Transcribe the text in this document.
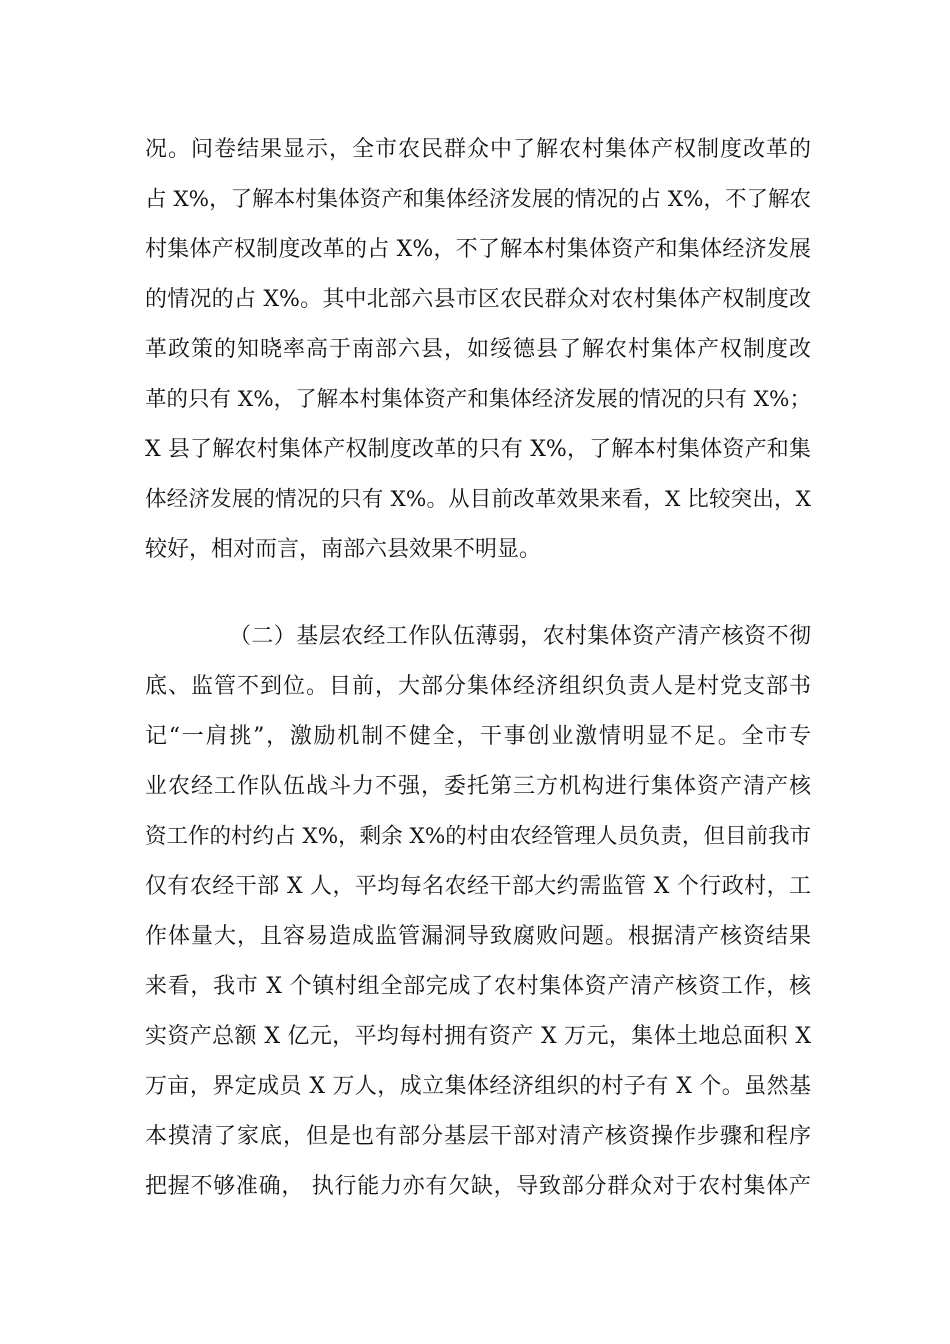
况。问卷结果显示，全市农民群众中了解农村集体产权制度改革的
占 X%，了解本村集体资产和集体经济发展的情况的占 X%，不了解农
村集体产权制度改革的占 X%，不了解本村集体资产和集体经济发展
的情况的占 X%。其中北部六县市区农民群众对农村集体产权制度改
革政策的知晓率高于南部六县，如绥德县了解农村集体产权制度改
革的只有 X%，了解本村集体资产和集体经济发展的情况的只有 X%；
X 县了解农村集体产权制度改革的只有 X%，了解本村集体资产和集
体经济发展的情况的只有 X%。从目前改革效果来看，X 比较突出，X
较好，相对而言，南部六县效果不明显。
（二）基层农经工作队伍薄弱，农村集体资产清产核资不彻
底、监管不到位。目前，大部分集体经济组织负责人是村党支部书
记“一肩挑”，激励机制不健全，干事创业激情明显不足。全市专
业农经工作队伍战斗力不强，委托第三方机构进行集体资产清产核
资工作的村约占 X%，剩余 X%的村由农经管理人员负责，但目前我市
仅有农经干部 X 人，平均每名农经干部大约需监管 X 个行政村，工
作体量大，且容易造成监管漏洞导致腐败问题。根据清产核资结果
来看，我市 X 个镇村组全部完成了农村集体资产清产核资工作，核
实资产总额 X 亿元，平均每村拥有资产 X 万元，集体土地总面积 X
万亩，界定成员 X 万人，成立集体经济组织的村子有 X 个。虽然基
本摸清了家底，但是也有部分基层干部对清产核资操作步骤和程序
把握不够准确， 执行能力亦有欠缺，导致部分群众对于农村集体产
